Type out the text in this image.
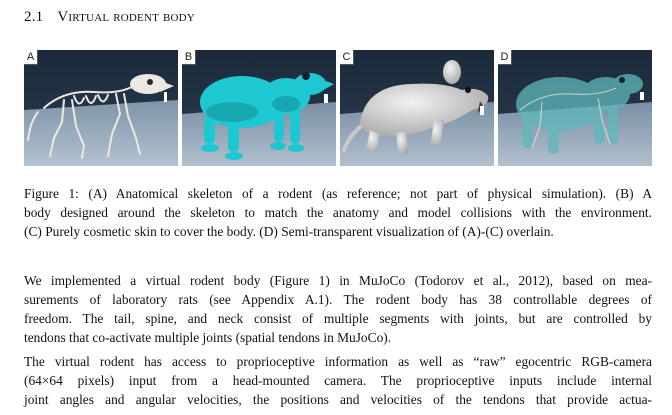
2.1 Virtual rodent body
A	B	C	D
Figure 1: (A) Anatomical skeleton of a rodent (as reference; not part of physical simulation). (B) A
body designed around the skeleton to match the anatomy and model collisions with the environment.
(C) Purely cosmetic skin to cover the body. (D) Semi-transparent visualization of (A)-(C) overlain.
We implemented a virtual rodent body (Figure 1) in MuJoCo (Todorov et al., 2012), based on mea-
surements of laboratory rats (see Appendix A.1). The rodent body has 38 controllable degrees of
freedom. The tail, spine, and neck consist of multiple segments with joints, but are controlled by
tendons that co-activate multiple joints (spatial tendons in MuJoCo).
The virtual rodent has access to proprioceptive information as well as “raw” egocentric RGB-camera
(64×64 pixels) input from a head-mounted camera. The proprioceptive inputs include internal
joint angles and angular velocities, the positions and velocities of the tendons that provide actua-
